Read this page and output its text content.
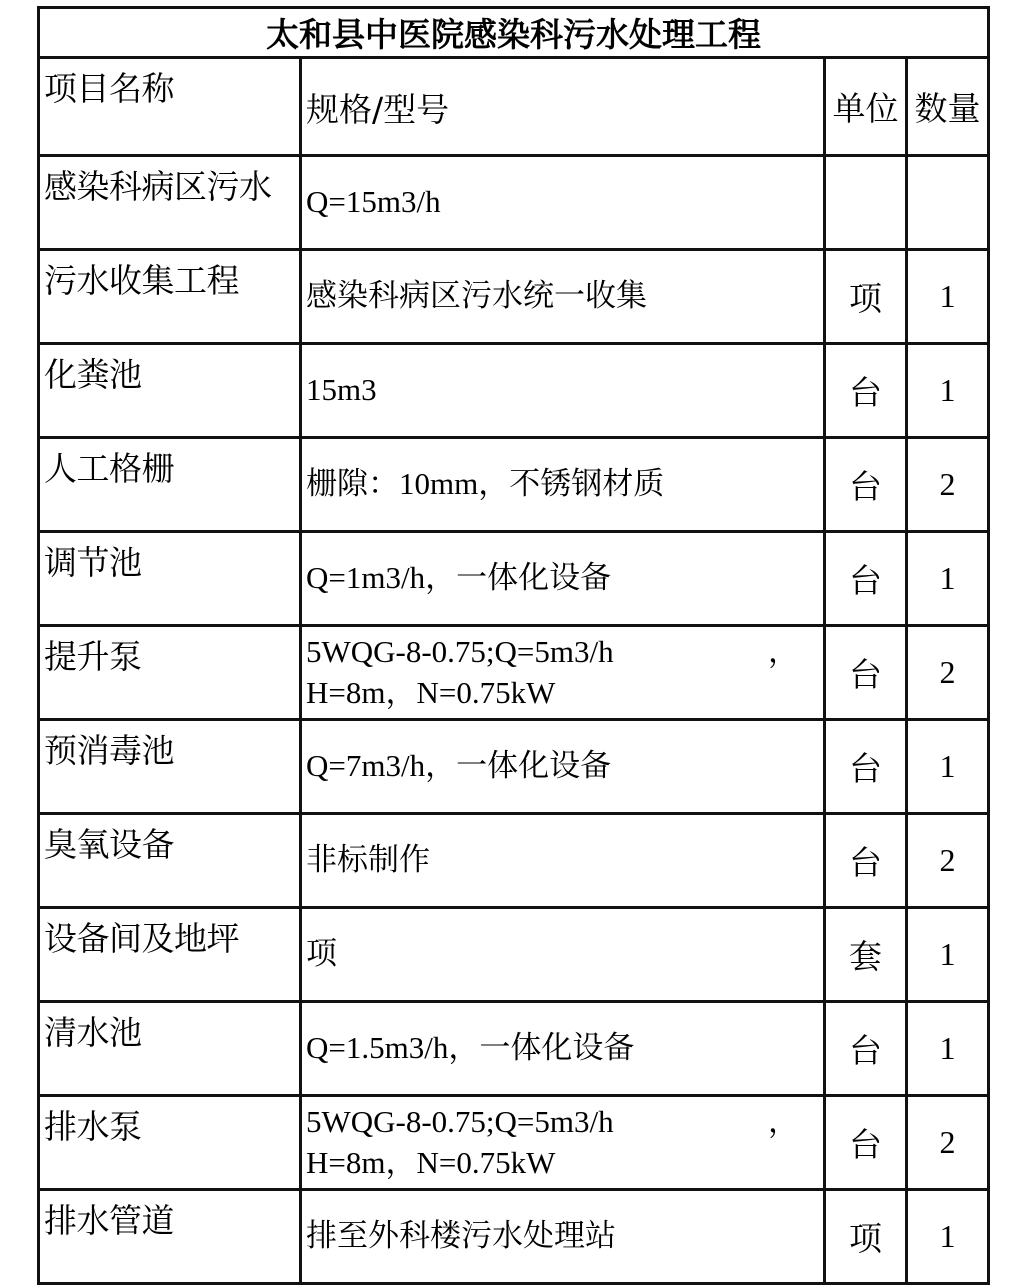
太和县中医院感染科污水处理工程			
项目名称	规格/型号	单位	数量
感染科病区污水	Q=15m3/h		

污水收集工程	感染科病区污水统一收集	项	1
化粪池	15m3	台	1
人工格栅	栅隙：10mm，不锈钢材质	台	2
调节池	Q=1m3/h，一体化设备	台	1
提升泵	5WQG-8-0.75;Q=5m3/h ，
H=8m，N=0.75kW	台	2
预消毒池	Q=7m3/h，一体化设备	台	1
臭氧设备	非标制作	台	2
设备间及地坪	项	套	1
清水池	Q=1.5m3/h，一体化设备	台	1
排水泵	5WQG-8-0.75;Q=5m3/h ，
H=8m，N=0.75kW	台	2
排水管道	排至外科楼污水处理站	项	1
